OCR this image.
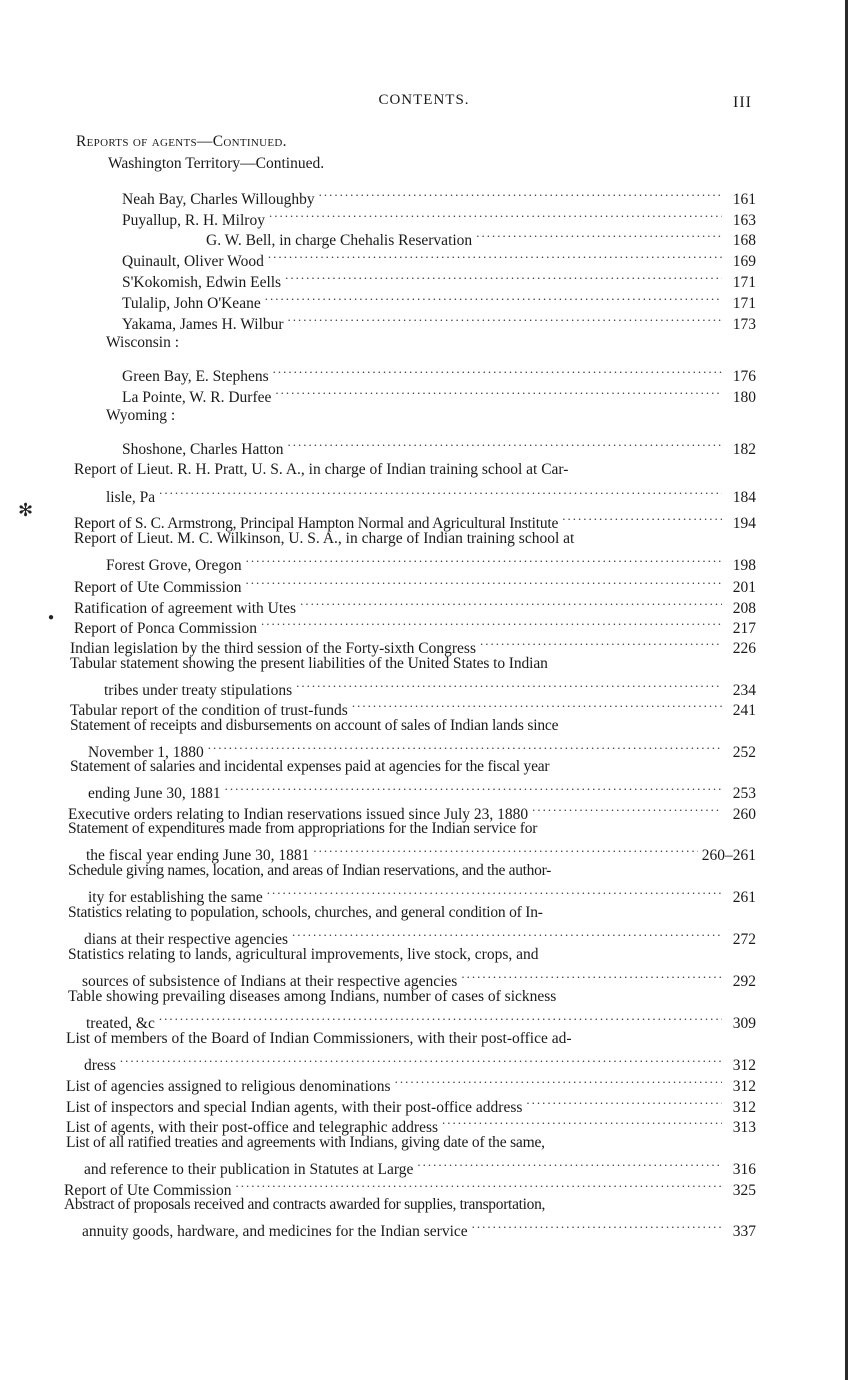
CONTENTS.	III
Reports of agents—Continued.
Washington Territory—Continued.
Neah Bay, Charles Willoughby .....	161
Puyallup, R. H. Milroy .....	163
G. W. Bell, in charge Chehalis Reservation .....	168
Quinault, Oliver Wood .....	169
S'Kokomish, Edwin Eells .....	171
Tulalip, John O'Keane .....	171
Yakama, James H. Wilbur .....	173
Wisconsin :
Green Bay, E. Stephens .....	176
La Pointe, W. R. Durfee .....	180
Wyoming :
Shoshone, Charles Hatton .....	182
Report of Lieut. R. H. Pratt, U. S. A., in charge of Indian training school at Car-
lisle, Pa .....	184
Report of S. C. Armstrong, Principal Hampton Normal and Agricultural Institute .....	194
Report of Lieut. M. C. Wilkinson, U. S. A., in charge of Indian training school at
Forest Grove, Oregon .....	198
Report of Ute Commission .....	201
Ratification of agreement with Utes .....	208
Report of Ponca Commission .....	217
Indian legislation by the third session of the Forty-sixth Congress .....	226
Tabular statement showing the present liabilities of the United States to Indian
tribes under treaty stipulations .....	234
Tabular report of the condition of trust-funds .....	241
Statement of receipts and disbursements on account of sales of Indian lands since
November 1, 1880 .....	252
Statement of salaries and incidental expenses paid at agencies for the fiscal year
ending June 30, 1881 .....	253
Executive orders relating to Indian reservations issued since July 23, 1880 .....	260
Statement of expenditures made from appropriations for the Indian service for
the fiscal year ending June 30, 1881 .....	260–261
Schedule giving names, location, and areas of Indian reservations, and the author-
ity for establishing the same .....	261
Statistics relating to population, schools, churches, and general condition of In-
dians at their respective agencies .....	272
Statistics relating to lands, agricultural improvements, live stock, crops, and
sources of subsistence of Indians at their respective agencies .....	292
Table showing prevailing diseases among Indians, number of cases of sickness
treated, &c .....	309
List of members of the Board of Indian Commissioners, with their post-office ad-
dress .....	312
List of agencies assigned to religious denominations .....	312
List of inspectors and special Indian agents, with their post-office address .....	312
List of agents, with their post-office and telegraphic address .....	313
List of all ratified treaties and agreements with Indians, giving date of the same,
and reference to their publication in Statutes at Large .....	316
Report of Ute Commission .....	325
Abstract of proposals received and contracts awarded for supplies, transportation,
annuity goods, hardware, and medicines for the Indian service .....	337
✻
●
